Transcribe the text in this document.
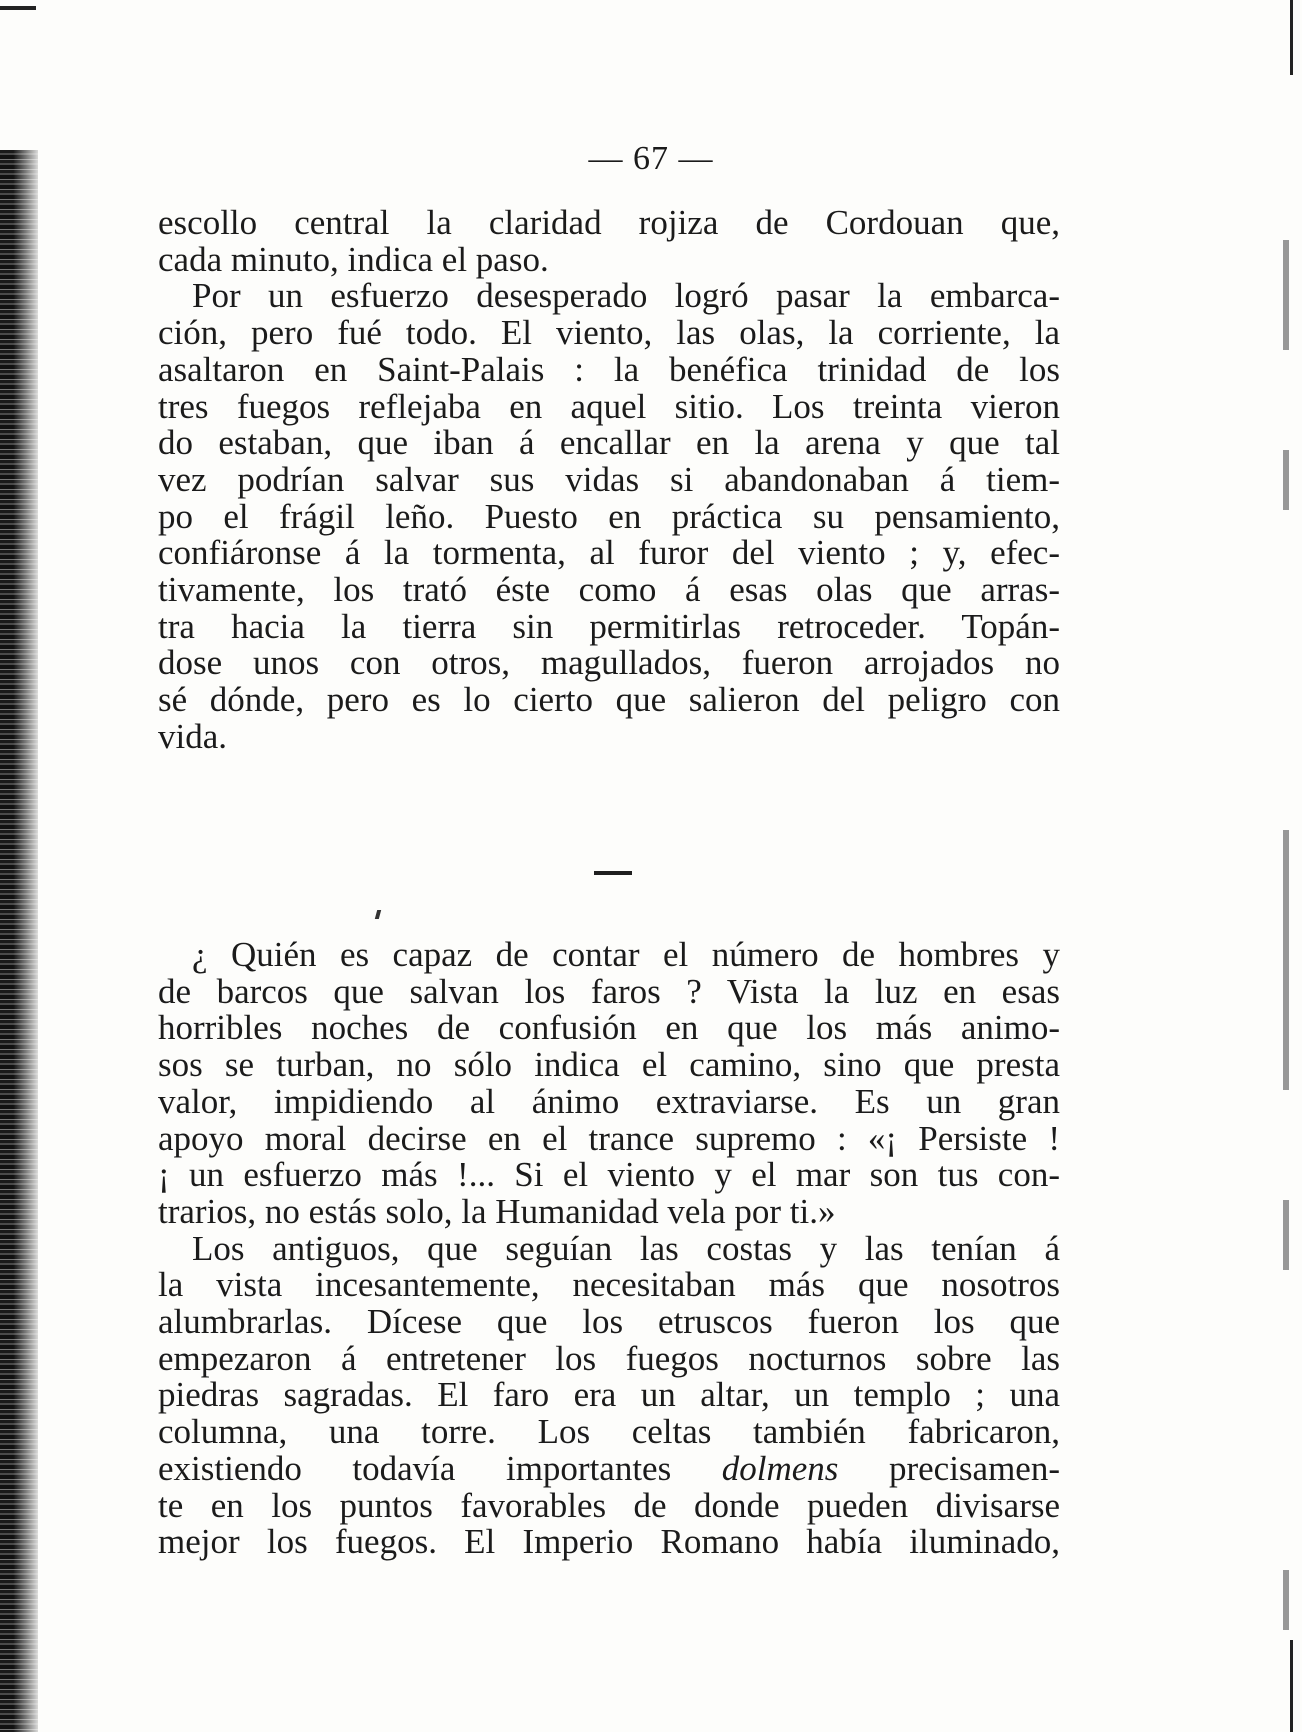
— 67 —
escollo central la claridad rojiza de Cordouan que,
cada minuto, indica el paso.
Por un esfuerzo desesperado logró pasar la embarca-
ción, pero fué todo. El viento, las olas, la corriente, la
asaltaron en Saint-Palais : la benéfica trinidad de los
tres fuegos reflejaba en aquel sitio. Los treinta vieron
do estaban, que iban á encallar en la arena y que tal
vez podrían salvar sus vidas si abandonaban á tiem-
po el frágil leño. Puesto en práctica su pensamiento,
confiáronse á la tormenta, al furor del viento ; y, efec-
tivamente, los trató éste como á esas olas que arras-
tra hacia la tierra sin permitirlas retroceder. Topán-
dose unos con otros, magullados, fueron arrojados no
sé dónde, pero es lo cierto que salieron del peligro con
vida.
¿ Quién es capaz de contar el número de hombres y
de barcos que salvan los faros ? Vista la luz en esas
horribles noches de confusión en que los más animo-
sos se turban, no sólo indica el camino, sino que presta
valor, impidiendo al ánimo extraviarse. Es un gran
apoyo moral decirse en el trance supremo : «¡ Persiste !
¡ un esfuerzo más !... Si el viento y el mar son tus con-
trarios, no estás solo, la Humanidad vela por ti.»
Los antiguos, que seguían las costas y las tenían á
la vista incesantemente, necesitaban más que nosotros
alumbrarlas. Dícese que los etruscos fueron los que
empezaron á entretener los fuegos nocturnos sobre las
piedras sagradas. El faro era un altar, un templo ; una
columna, una torre. Los celtas también fabricaron,
existiendo todavía importantes dolmens precisamen-
te en los puntos favorables de donde pueden divisarse
mejor los fuegos. El Imperio Romano había iluminado,
